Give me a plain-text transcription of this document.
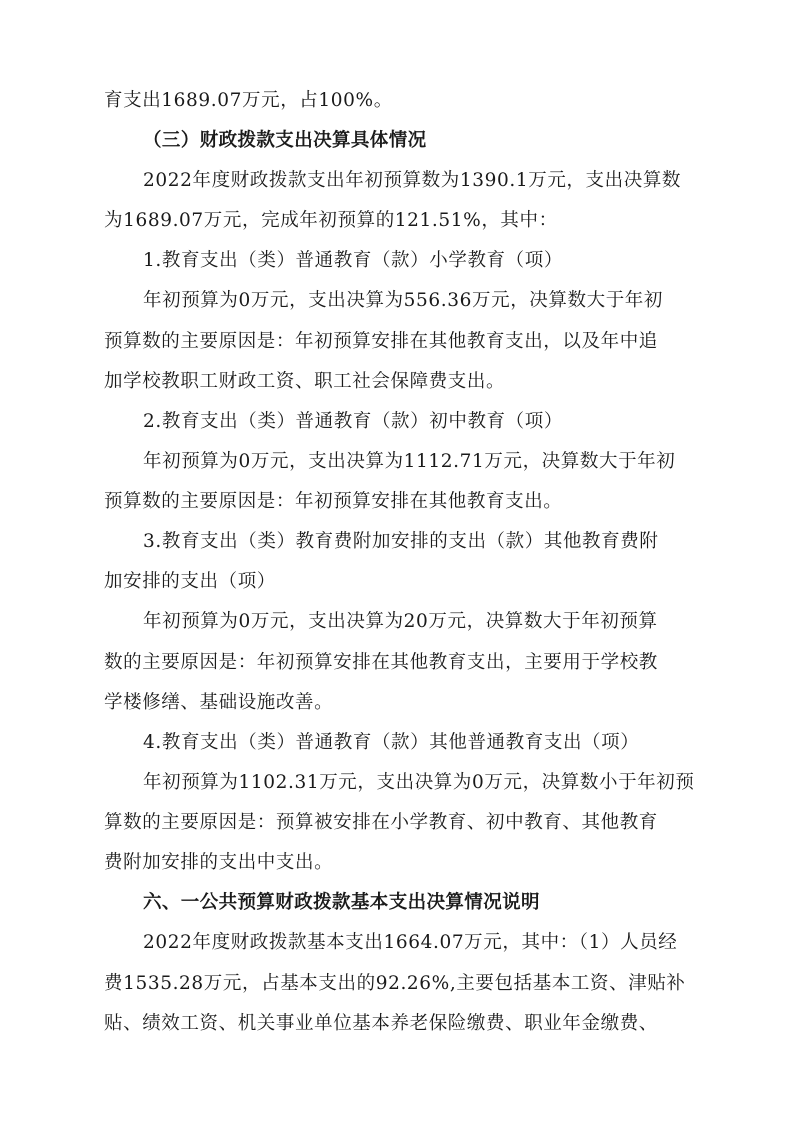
育支出1689.07万元，占100%。
（三）财政拨款支出决算具体情况
2022年度财政拨款支出年初预算数为1390.1万元，支出决算数
为1689.07万元，完成年初预算的121.51%，其中：
1.教育支出（类）普通教育（款）小学教育（项）
年初预算为0万元，支出决算为556.36万元，决算数大于年初
预算数的主要原因是：年初预算安排在其他教育支出，以及年中追
加学校教职工财政工资、职工社会保障费支出。
2.教育支出（类）普通教育（款）初中教育（项）
年初预算为0万元，支出决算为1112.71万元，决算数大于年初
预算数的主要原因是：年初预算安排在其他教育支出。
3.教育支出（类）教育费附加安排的支出（款）其他教育费附
加安排的支出（项）
年初预算为0万元，支出决算为20万元，决算数大于年初预算
数的主要原因是：年初预算安排在其他教育支出，主要用于学校教
学楼修缮、基础设施改善。
4.教育支出（类）普通教育（款）其他普通教育支出（项）
年初预算为1102.31万元，支出决算为0万元，决算数小于年初预
算数的主要原因是：预算被安排在小学教育、初中教育、其他教育
费附加安排的支出中支出。
六、一公共预算财政拨款基本支出决算情况说明
2022年度财政拨款基本支出1664.07万元，其中：（1）人员经
费1535.28万元，占基本支出的92.26%,主要包括基本工资、津贴补
贴、绩效工资、机关事业单位基本养老保险缴费、职业年金缴费、
